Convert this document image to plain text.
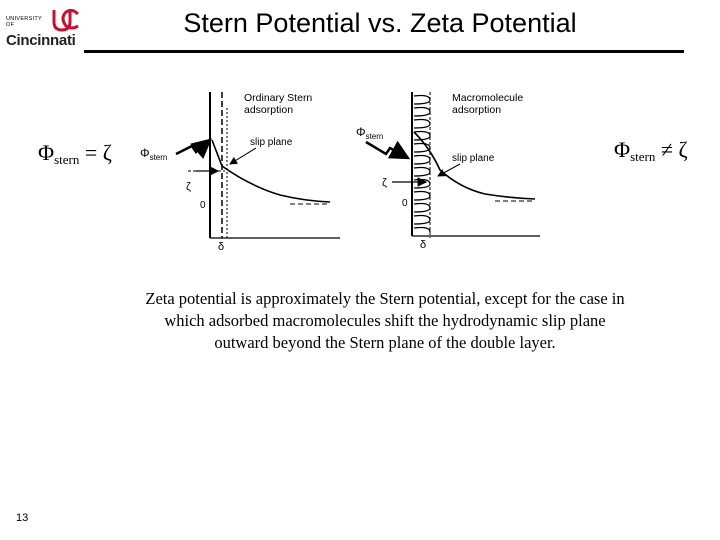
UNIVERSITY OF
Cincinnati
Stern Potential vs. Zeta Potential
$\Phi_{stern} = \zeta$	$\Phi_{stern} \ne \zeta$
Ordinary Stern
adsorption
slip plane
$\Phi_{stern}$
ζ
0
δ
Macromolecule
adsorption
slip plane
$\Phi_{stern}$
ζ
0
δ
Zeta potential is approximately the Stern potential, except for the case in which adsorbed macromolecules shift the hydrodynamic slip plane outward beyond the Stern plane of the double layer.
13
